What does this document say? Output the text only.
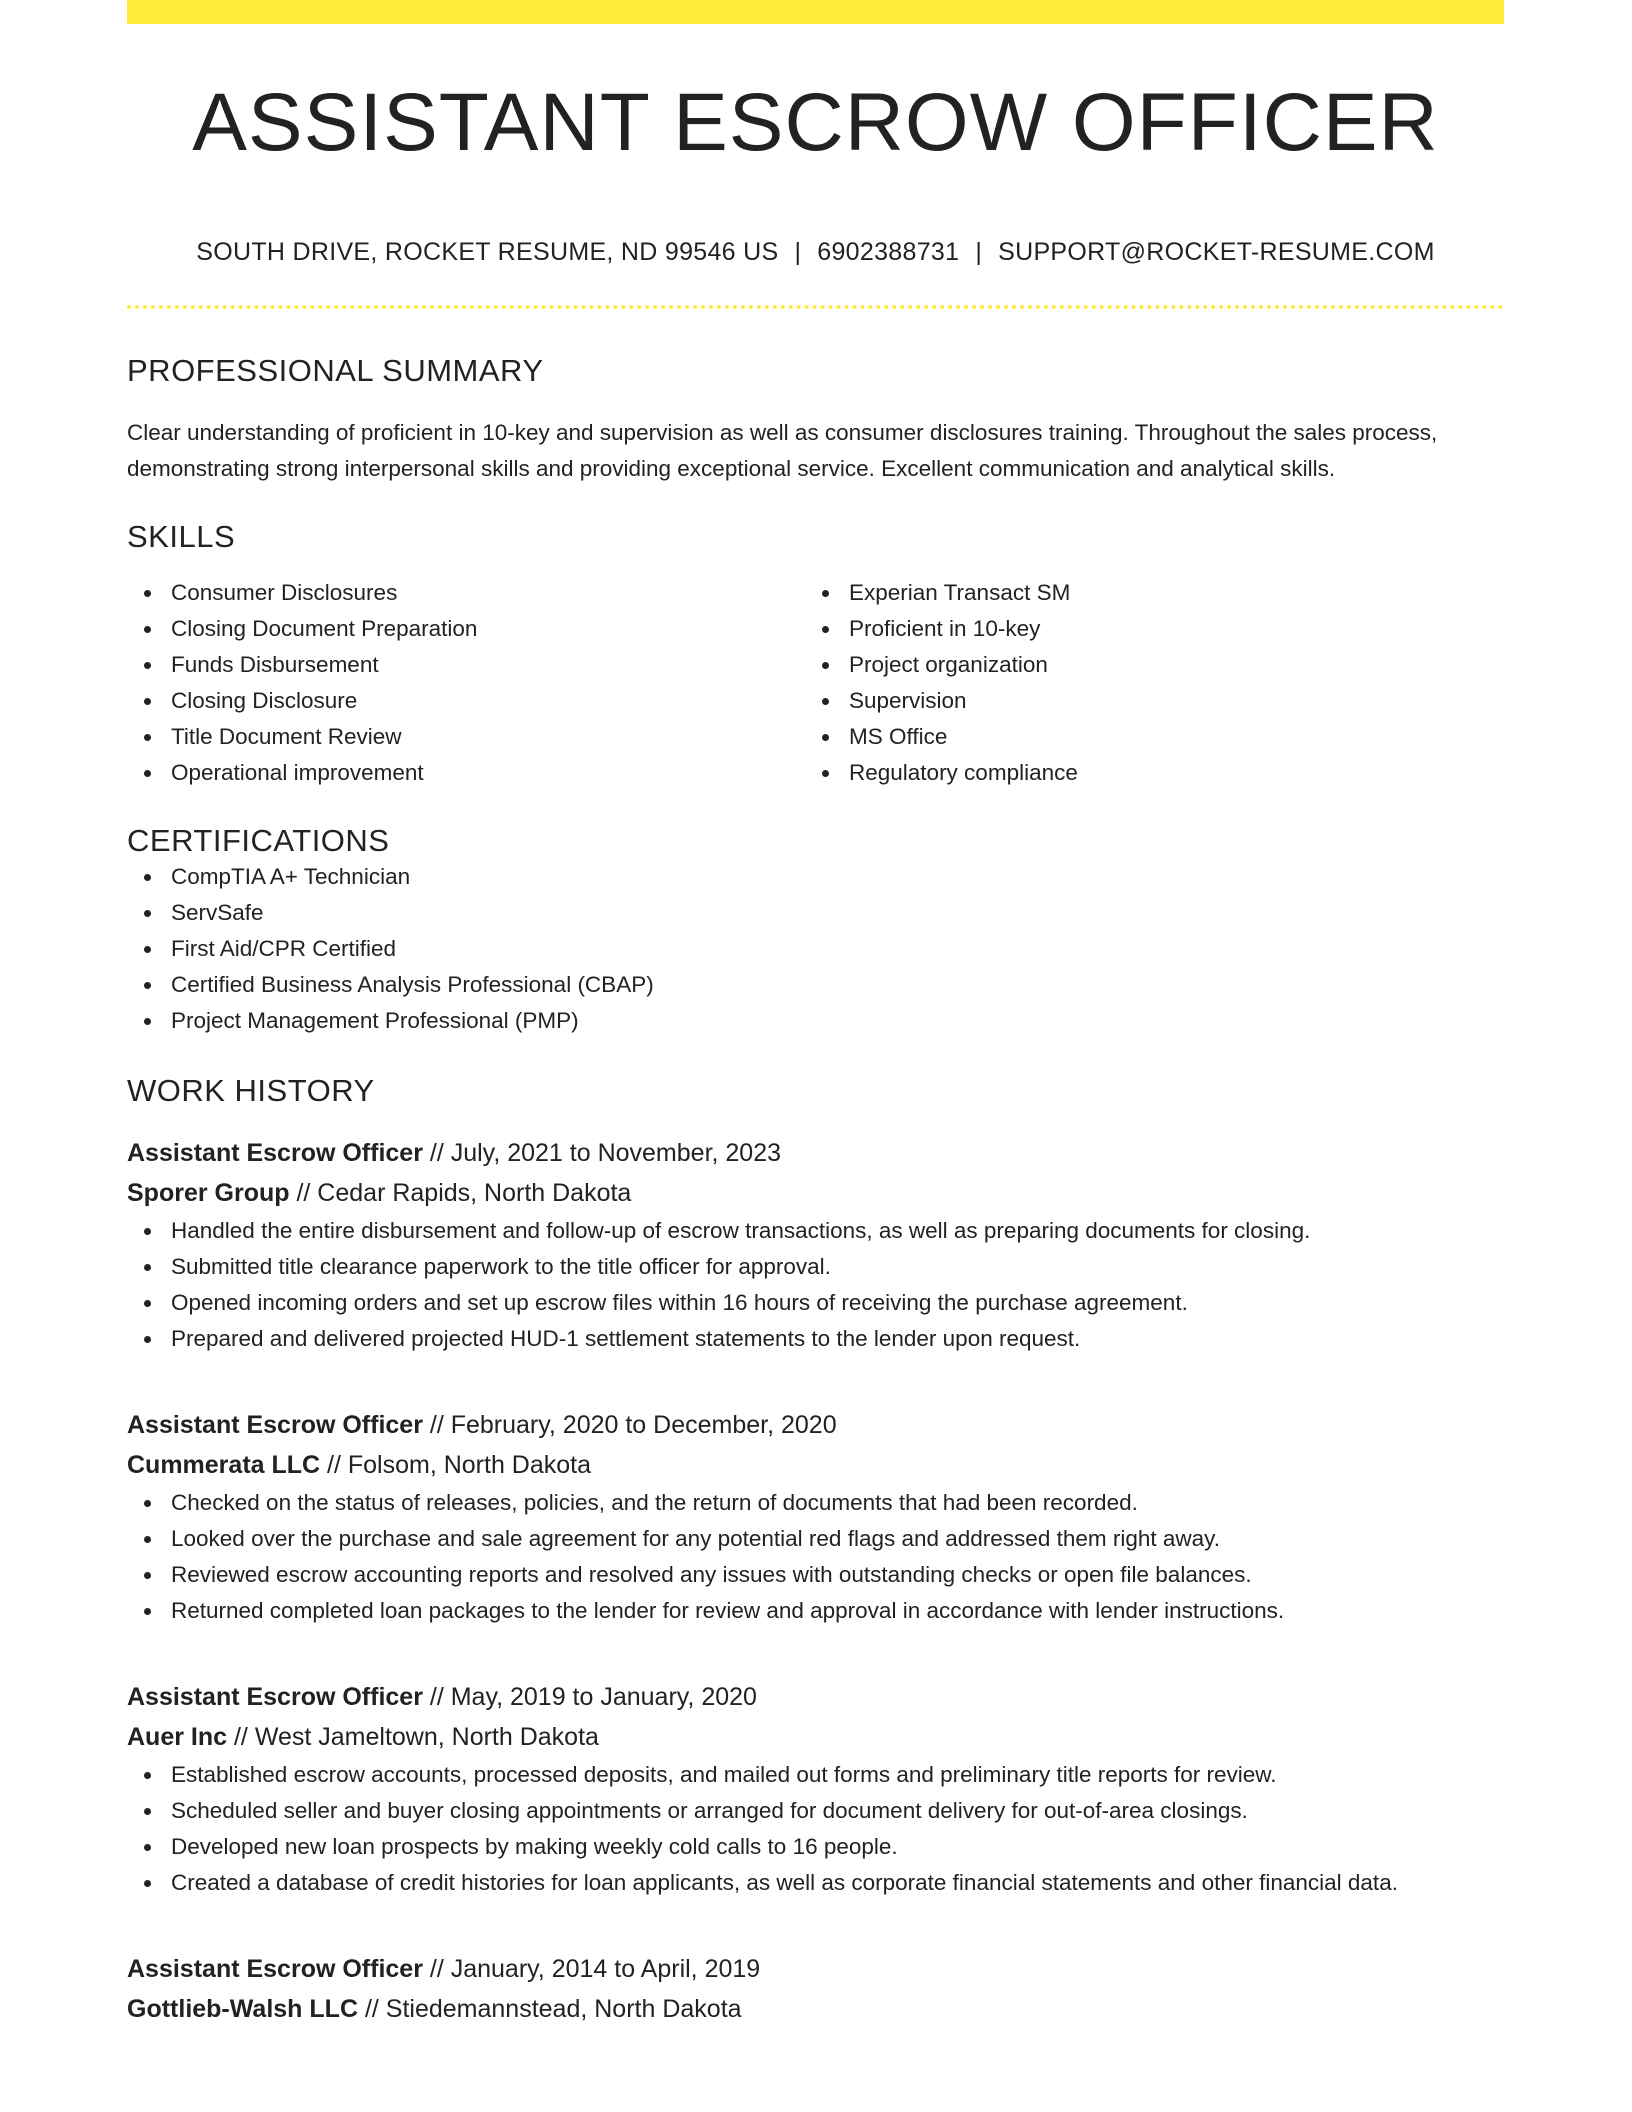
ASSISTANT ESCROW OFFICER
SOUTH DRIVE, ROCKET RESUME, ND 99546 US | 6902388731 | SUPPORT@ROCKET-RESUME.COM
PROFESSIONAL SUMMARY

Clear understanding of proficient in 10-key and supervision as well as consumer disclosures training. Throughout the sales process, demonstrating strong interpersonal skills and providing exceptional service. Excellent communication and analytical skills.

SKILLS
Consumer Disclosures
Closing Document Preparation
Funds Disbursement
Closing Disclosure
Title Document Review
Operational improvement
Experian Transact SM
Proficient in 10-key
Project organization
Supervision
MS Office
Regulatory compliance
CERTIFICATIONS
CompTIA A+ Technician
ServSafe
First Aid/CPR Certified
Certified Business Analysis Professional (CBAP)
Project Management Professional (PMP)
WORK HISTORY
Assistant Escrow Officer // July, 2021 to November, 2023
Sporer Group // Cedar Rapids, North Dakota
Handled the entire disbursement and follow-up of escrow transactions, as well as preparing documents for closing.
Submitted title clearance paperwork to the title officer for approval.
Opened incoming orders and set up escrow files within 16 hours of receiving the purchase agreement.
Prepared and delivered projected HUD-1 settlement statements to the lender upon request.
Assistant Escrow Officer // February, 2020 to December, 2020
Cummerata LLC // Folsom, North Dakota
Checked on the status of releases, policies, and the return of documents that had been recorded.
Looked over the purchase and sale agreement for any potential red flags and addressed them right away.
Reviewed escrow accounting reports and resolved any issues with outstanding checks or open file balances.
Returned completed loan packages to the lender for review and approval in accordance with lender instructions.
Assistant Escrow Officer // May, 2019 to January, 2020
Auer Inc // West Jameltown, North Dakota
Established escrow accounts, processed deposits, and mailed out forms and preliminary title reports for review.
Scheduled seller and buyer closing appointments or arranged for document delivery for out-of-area closings.
Developed new loan prospects by making weekly cold calls to 16 people.
Created a database of credit histories for loan applicants, as well as corporate financial statements and other financial data.
Assistant Escrow Officer // January, 2014 to April, 2019
Gottlieb-Walsh LLC // Stiedemannstead, North Dakota
